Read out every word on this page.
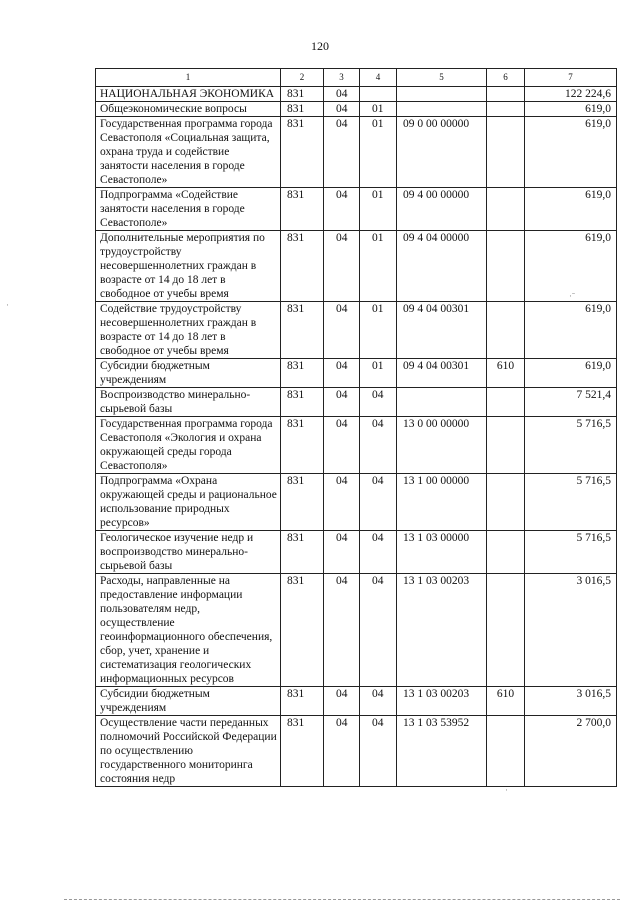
120
1	2	3	4	5	6	7
НАЦИОНАЛЬНАЯ ЭКОНОМИКА	831	04				122 224,6
Общеэкономические вопросы	831	04	01			619,0
Государственная программа города Севастополя «Социальная защита, охрана труда и содействие занятости населения в городе Севастополе»	831	04	01	09 0 00 00000		619,0
Подпрограмма «Содействие занятости населения в городе Севастополе»	831	04	01	09 4 00 00000		619,0
Дополнительные мероприятия по трудоустройству несовершеннолетних граждан в возрасте от 14 до 18 лет в свободное от учебы время	831	04	01	09 4 04 00000		619,0
Содействие трудоустройству несовершеннолетних граждан в возрасте от 14 до 18 лет в свободное от учебы время	831	04	01	09 4 04 00301		619,0
Субсидии бюджетным учреждениям	831	04	01	09 4 04 00301	610	619,0
Воспроизводство минерально-сырьевой базы	831	04	04			7 521,4
Государственная программа города Севастополя «Экология и охрана окружающей среды города Севастополя»	831	04	04	13 0 00 00000		5 716,5
Подпрограмма «Охрана окружающей среды и рациональное использование природных ресурсов»	831	04	04	13 1 00 00000		5 716,5
Геологическое изучение недр и воспроизводство минерально-сырьевой базы	831	04	04	13 1 03 00000		5 716,5
Расходы, направленные на предоставление информации пользователям недр, осуществление геоинформационного обеспечения, сбор, учет, хранение и систематизация геологических информационных ресурсов	831	04	04	13 1 03 00203		3 016,5
Субсидии бюджетным учреждениям	831	04	04	13 1 03 00203	610	3 016,5
Осуществление части переданных полномочий Российской Федерации по осуществлению государственного мониторинга состояния недр	831	04	04	13 1 03 53952		2 700,0
·ˉ
·
·
